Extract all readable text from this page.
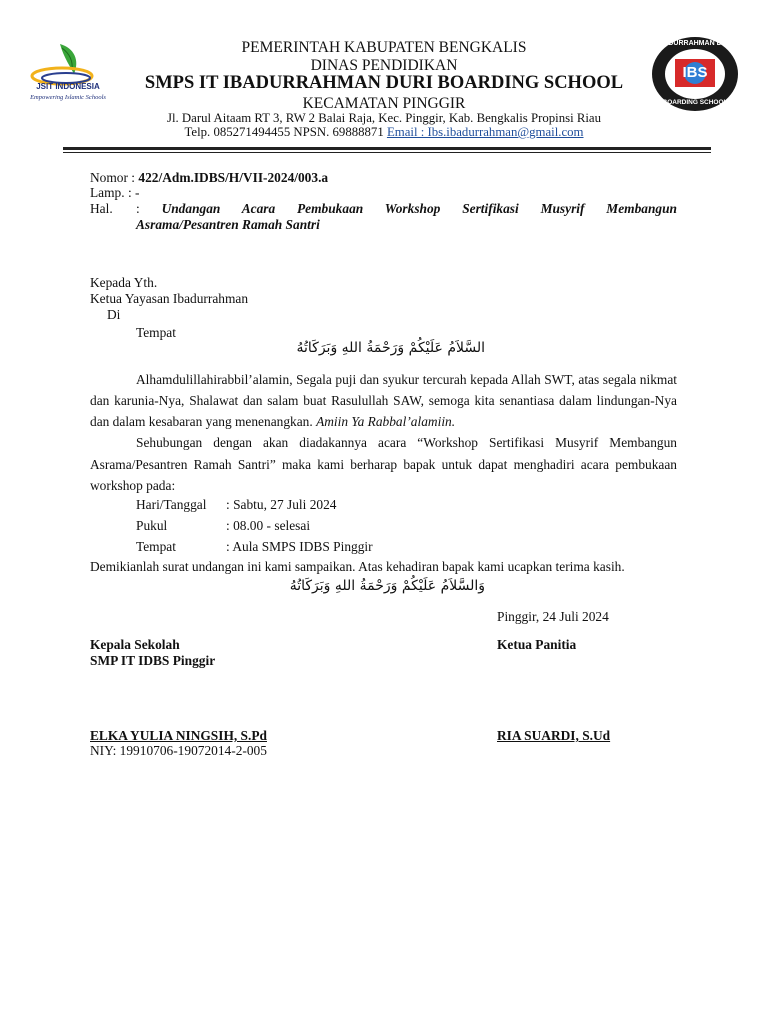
JSIT INDONESIA
Empowering Islamic Schools
IBS
IBADURRAHMAN DURI
BOARDING SCHOOL
PEMERINTAH KABUPATEN BENGKALIS
DINAS PENDIDIKAN
SMPS IT IBADURRAHMAN DURI BOARDING SCHOOL
KECAMATAN PINGGIR
Jl. Darul Aitaam RT 3, RW 2 Balai Raja, Kec. Pinggir, Kab. Bengkalis Propinsi Riau
Telp. 085271494455 NPSN. 69888871 Email : Ibs.ibadurrahman@gmail.com
Nomor : 422/Adm.IDBS/H/VII-2024/003.a
Lamp. : -
Hal. : Undangan Acara Pembukaan Workshop Sertifikasi Musyrif Membangun
Asrama/Pesantren Ramah Santri
Kepada Yth.
Ketua Yayasan Ibadurrahman
Di
Tempat
السَّلاَمُ عَلَيْكُمْ وَرَحْمَةُ اللهِ وَبَرَكَاتُهُ
Alhamdulillahirabbil’alamin, Segala puji dan syukur tercurah kepada Allah SWT, atas segala nikmat dan karunia-Nya, Shalawat dan salam buat Rasulullah SAW, semoga kita senantiasa dalam lindungan-Nya dan dalam kesabaran yang menenangkan. Amiin Ya Rabbal’alamiin.
Sehubungan dengan akan diadakannya acara “Workshop Sertifikasi Musyrif Membangun Asrama/Pesantren Ramah Santri” maka kami berharap bapak untuk dapat menghadiri acara pembukaan workshop pada:
Hari/Tanggal : Sabtu, 27 Juli 2024
Pukul	: 08.00 - selesai
Tempat	: Aula SMPS IDBS Pinggir
Demikianlah surat undangan ini kami sampaikan. Atas kehadiran bapak kami ucapkan terima kasih.
وَالسَّلاَمُ عَلَيْكُمْ وَرَحْمَةُ اللهِ وَبَرَكَاتُهُ
Pinggir, 24 Juli 2024
Kepala Sekolah
SMP IT IDBS Pinggir
Ketua Panitia
ELKA YULIA NINGSIH, S.Pd	RIA SUARDI, S.Ud
NIY: 19910706-19072014-2-005
